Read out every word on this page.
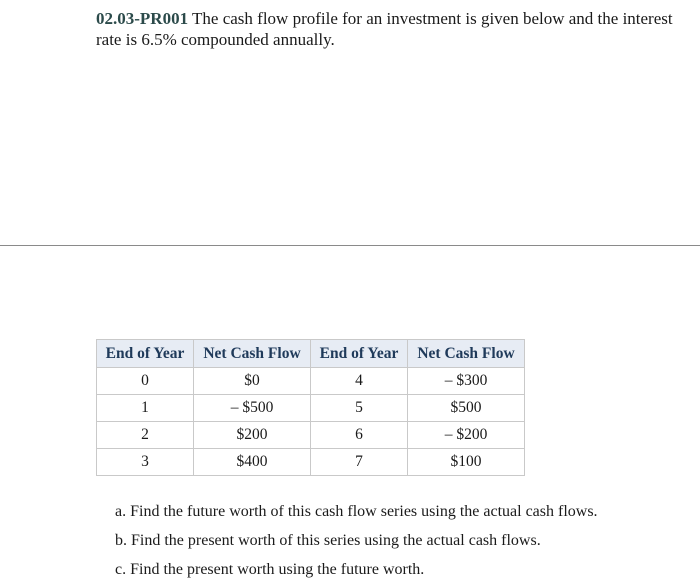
02.03-PR001 The cash flow profile for an investment is given below and the interest rate is 6.5% compounded annually.
End of Year	Net Cash Flow	End of Year	Net Cash Flow
0	$0	4	– $300
1	– $500	5	$500
2	$200	6	– $200
3	$400	7	$100
a. Find the future worth of this cash flow series using the actual cash flows.
b. Find the present worth of this series using the actual cash flows.
c. Find the present worth using the future worth.
